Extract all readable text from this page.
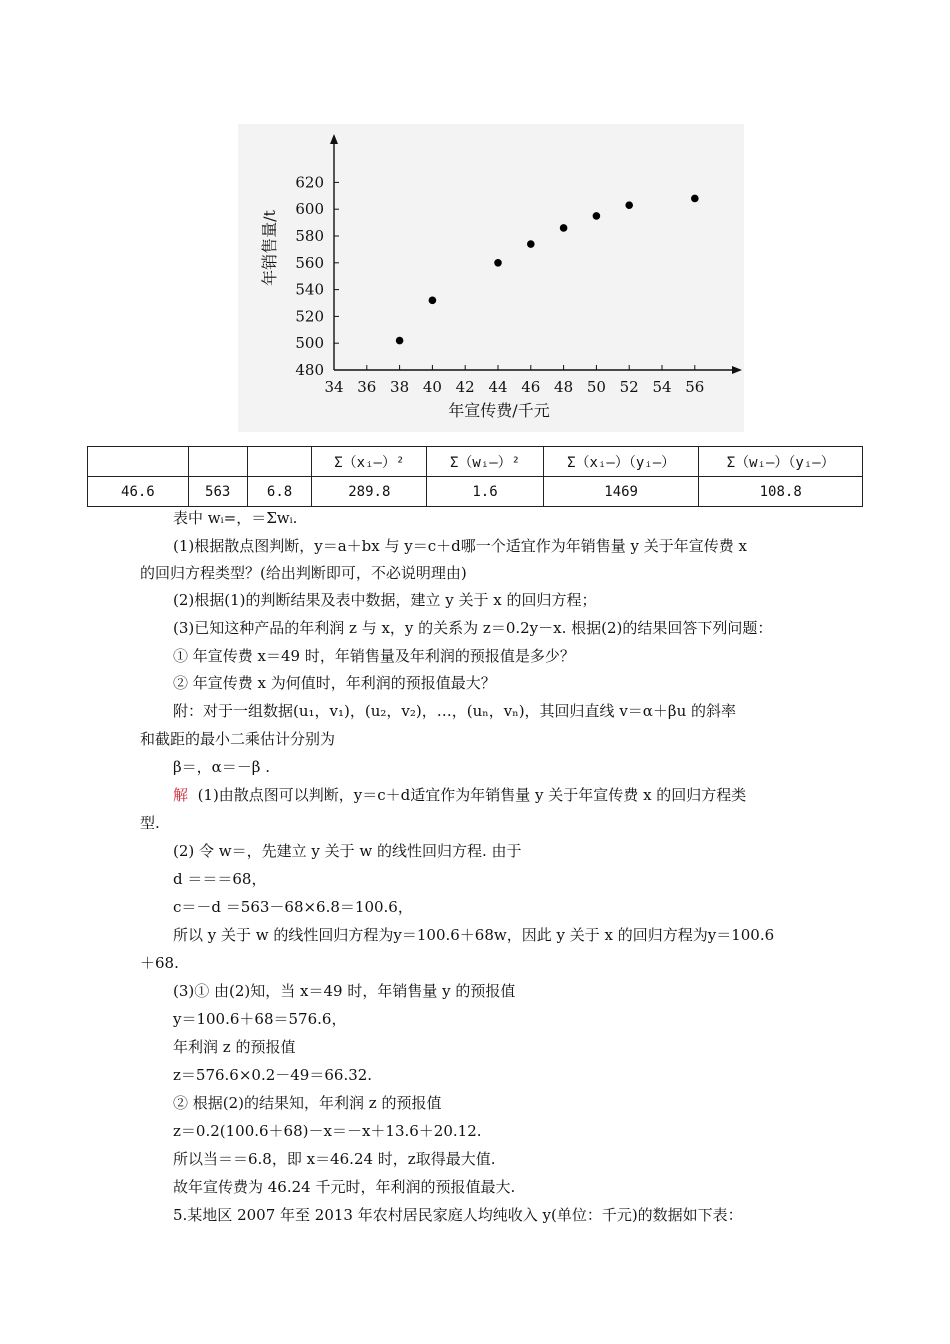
34 36 38 40 42 44 46 48 50 52 54 56
480
500
520
540
560
580
600
620
年宣传费/千元
年销售量/t
			Σ（xᵢ—）²	Σ（wᵢ—）²	Σ（xᵢ—）（yᵢ—）	Σ（wᵢ—）（yᵢ—）
46.6	563	6.8	289.8	1.6	1469	108.8
表中 wᵢ=，＝Σwᵢ.
(1)根据散点图判断，y＝a＋bx 与 y＝c＋d哪一个适宜作为年销售量 y 关于年宣传费 x
的回归方程类型？(给出判断即可，不必说明理由)
(2)根据(1)的判断结果及表中数据，建立 y 关于 x 的回归方程；
(3)已知这种产品的年利润 z 与 x，y 的关系为 z＝0.2y－x. 根据(2)的结果回答下列问题：
① 年宣传费 x＝49 时，年销售量及年利润的预报值是多少？
② 年宣传费 x 为何值时，年利润的预报值最大？
附：对于一组数据(u₁，v₁)，(u₂，v₂)，…，(uₙ，vₙ)，其回归直线 v＝α＋βu 的斜率
和截距的最小二乘估计分别为
β＝，α＝－β .
解 (1)由散点图可以判断，y＝c＋d适宜作为年销售量 y 关于年宣传费 x 的回归方程类
型.
(2) 令 w＝，先建立 y 关于 w 的线性回归方程. 由于
d ＝＝＝68，
c＝－d ＝563－68×6.8＝100.6，
所以 y 关于 w 的线性回归方程为y＝100.6＋68w，因此 y 关于 x 的回归方程为y＝100.6
＋68.
(3)① 由(2)知，当 x＝49 时，年销售量 y 的预报值
y＝100.6＋68＝576.6，
年利润 z 的预报值
z＝576.6×0.2－49＝66.32.
② 根据(2)的结果知，年利润 z 的预报值
z＝0.2(100.6＋68)－x＝－x＋13.6＋20.12.
所以当＝＝6.8，即 x＝46.24 时，z取得最大值.
故年宣传费为 46.24 千元时，年利润的预报值最大.
5.某地区 2007 年至 2013 年农村居民家庭人均纯收入 y(单位：千元)的数据如下表：
